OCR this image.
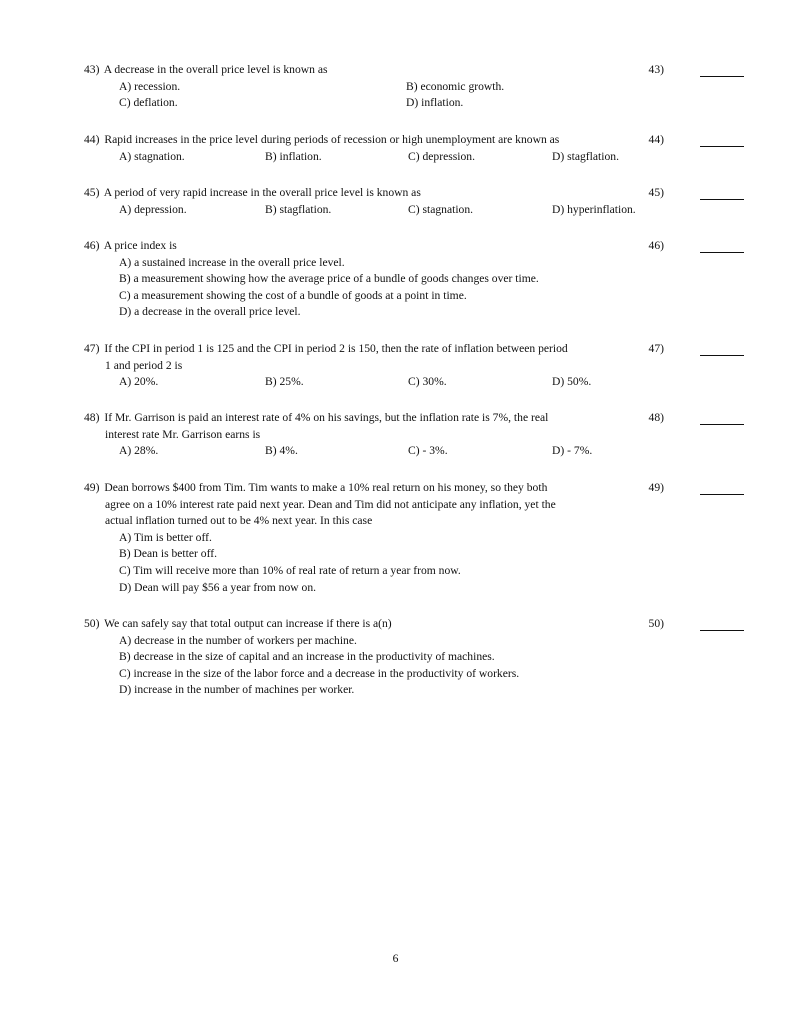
43) A decrease in the overall price level is known as	43)
A) recession.	B) economic growth.
C) deflation.	D) inflation.
44) Rapid increases in the price level during periods of recession or high unemployment are known as	44)
A) stagnation.	B) inflation.	C) depression.	D) stagflation.
45) A period of very rapid increase in the overall price level is known as	45)
A) depression.	B) stagflation.	C) stagnation.	D) hyperinflation.
46) A price index is	46)
A) a sustained increase in the overall price level.
B) a measurement showing how the average price of a bundle of goods changes over time.
C) a measurement showing the cost of a bundle of goods at a point in time.
D) a decrease in the overall price level.
47) If the CPI in period 1 is 125 and the CPI in period 2 is 150, then the rate of inflation between period
1 and period 2 is
47)
A) 20%.	B) 25%.	C) 30%.	D) 50%.
48) If Mr. Garrison is paid an interest rate of 4% on his savings, but the inflation rate is 7%, the real
interest rate Mr. Garrison earns is
48)
A) 28%.	B) 4%.	C) - 3%.	D) - 7%.
49) Dean borrows $400 from Tim. Tim wants to make a 10% real return on his money, so they both
agree on a 10% interest rate paid next year. Dean and Tim did not anticipate any inflation, yet the
actual inflation turned out to be 4% next year. In this case
49)
A) Tim is better off.
B) Dean is better off.
C) Tim will receive more than 10% of real rate of return a year from now.
D) Dean will pay $56 a year from now on.
50) We can safely say that total output can increase if there is a(n)	50)
A) decrease in the number of workers per machine.
B) decrease in the size of capital and an increase in the productivity of machines.
C) increase in the size of the labor force and a decrease in the productivity of workers.
D) increase in the number of machines per worker.
6
